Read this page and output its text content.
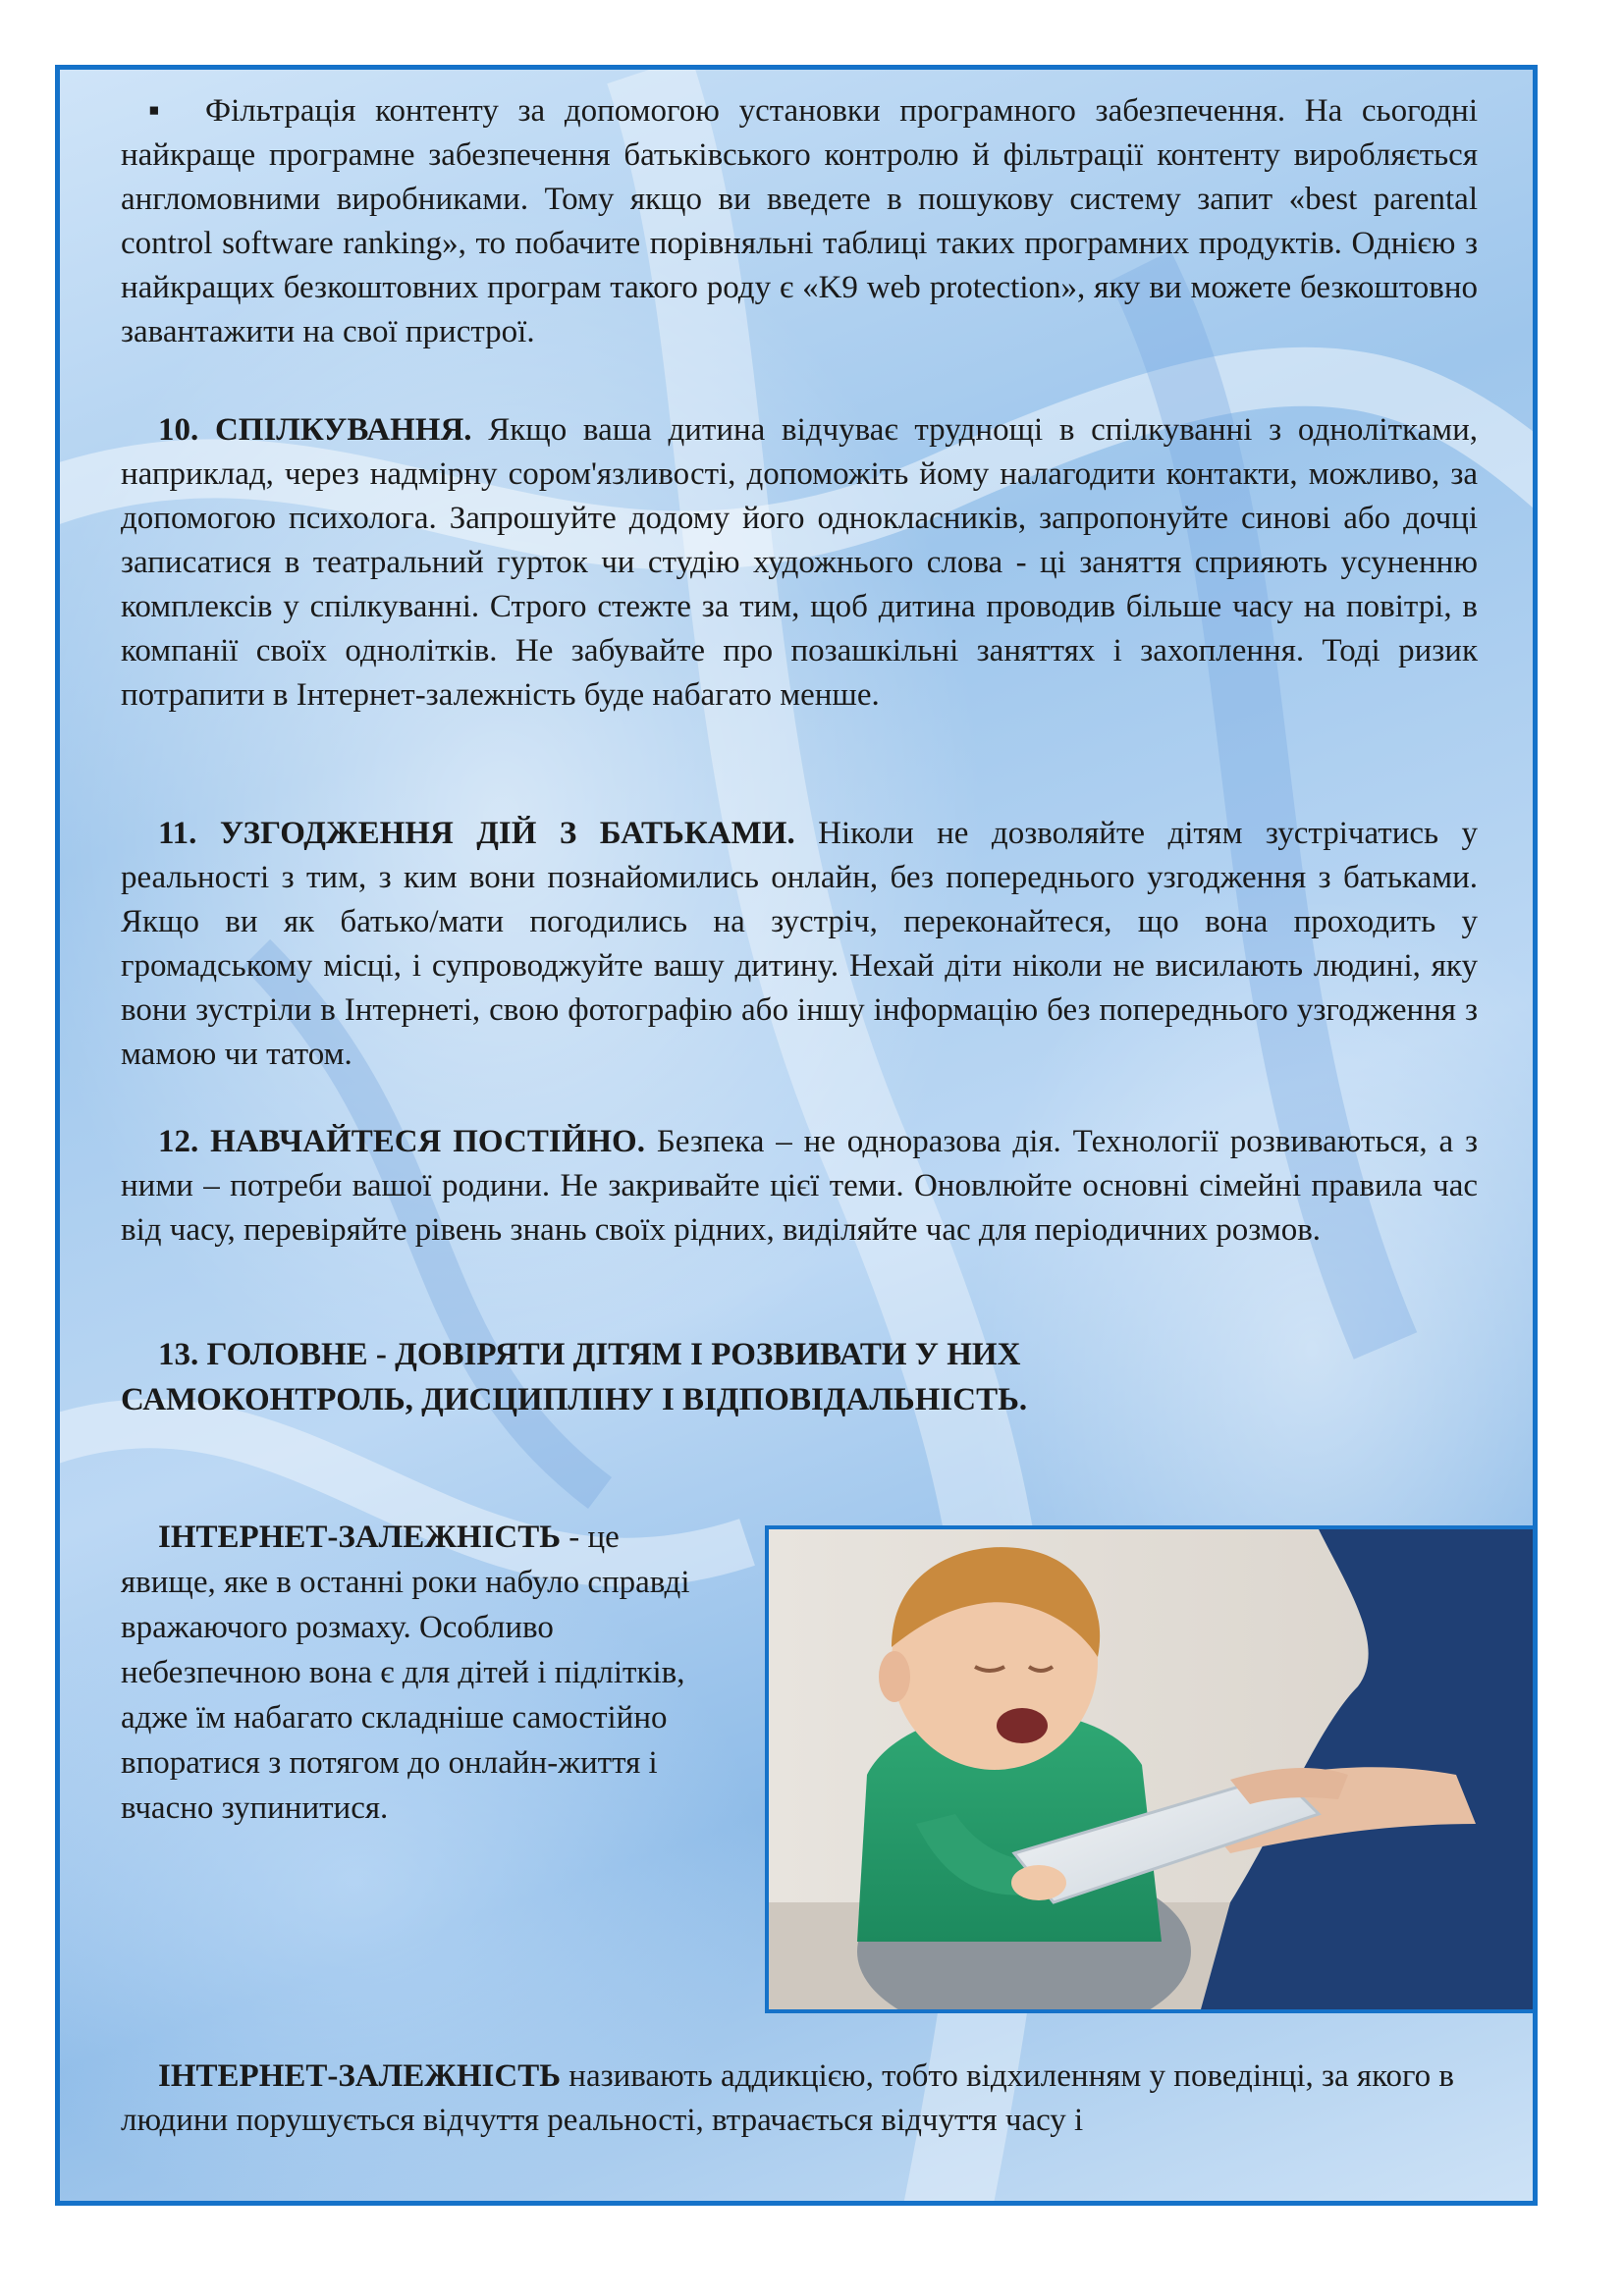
▪ Фільтрація контенту за допомогою установки програмного забезпечення. На сьогодні найкраще програмне забезпечення батьківського контролю й фільтрації контенту виробляється англомовними виробниками. Тому якщо ви введете в пошукову систему запит «best parental control software ranking», то побачите порівняльні таблиці таких програмних продуктів. Однією з найкращих безкоштовних програм такого роду є «K9 web protection», яку ви можете безкоштовно завантажити на свої пристрої.

10. СПІЛКУВАННЯ. Якщо ваша дитина відчуває труднощі в спілкуванні з однолітками, наприклад, через надмірну сором'язливості, допоможіть йому налагодити контакти, можливо, за допомогою психолога. Запрошуйте додому його однокласників, запропонуйте синові або дочці записатися в театральний гурток чи студію художнього слова - ці заняття сприяють усуненню комплексів у спілкуванні. Строго стежте за тим, щоб дитина проводив більше часу на повітрі, в компанії своїх однолітків. Не забувайте про позашкільні заняттях і захоплення. Тоді ризик потрапити в Інтернет-залежність буде набагато менше.

11. УЗГОДЖЕННЯ ДІЙ З БАТЬКАМИ. Ніколи не дозволяйте дітям зустрічатись у реальності з тим, з ким вони познайомились онлайн, без попереднього узгодження з батьками. Якщо ви як батько/мати погодились на зустріч, переконайтеся, що вона проходить у громадському місці, і супроводжуйте вашу дитину. Нехай діти ніколи не висилають людині, яку вони зустріли в Інтернеті, свою фотографію або іншу інформацію без попереднього узгодження з мамою чи татом.

12. НАВЧАЙТЕСЯ ПОСТІЙНО. Безпека – не одноразова дія. Технології розвиваються, а з ними – потреби вашої родини. Не закривайте цієї теми. Оновлюйте основні сімейні правила час від часу, перевіряйте рівень знань своїх рідних, виділяйте час для періодичних розмов.

13. ГОЛОВНЕ - ДОВІРЯТИ ДІТЯМ І РОЗВИВАТИ У НИХ
САМОКОНТРОЛЬ, ДИСЦИПЛІНУ І ВІДПОВІДАЛЬНІСТЬ.
ІНТЕРНЕТ-ЗАЛЕЖНІСТЬ - це явище, яке в останні роки набуло справді вражаючого розмаху. Особливо небезпечною вона є для дітей і підлітків, адже їм набагато складніше самостійно впоратися з потягом до онлайн-життя і вчасно зупинитися.
ІНТЕРНЕТ-ЗАЛЕЖНІСТЬ називають аддикцією, тобто відхиленням у поведінці, за якого в людини порушується відчуття реальності, втрачається відчуття часу і
